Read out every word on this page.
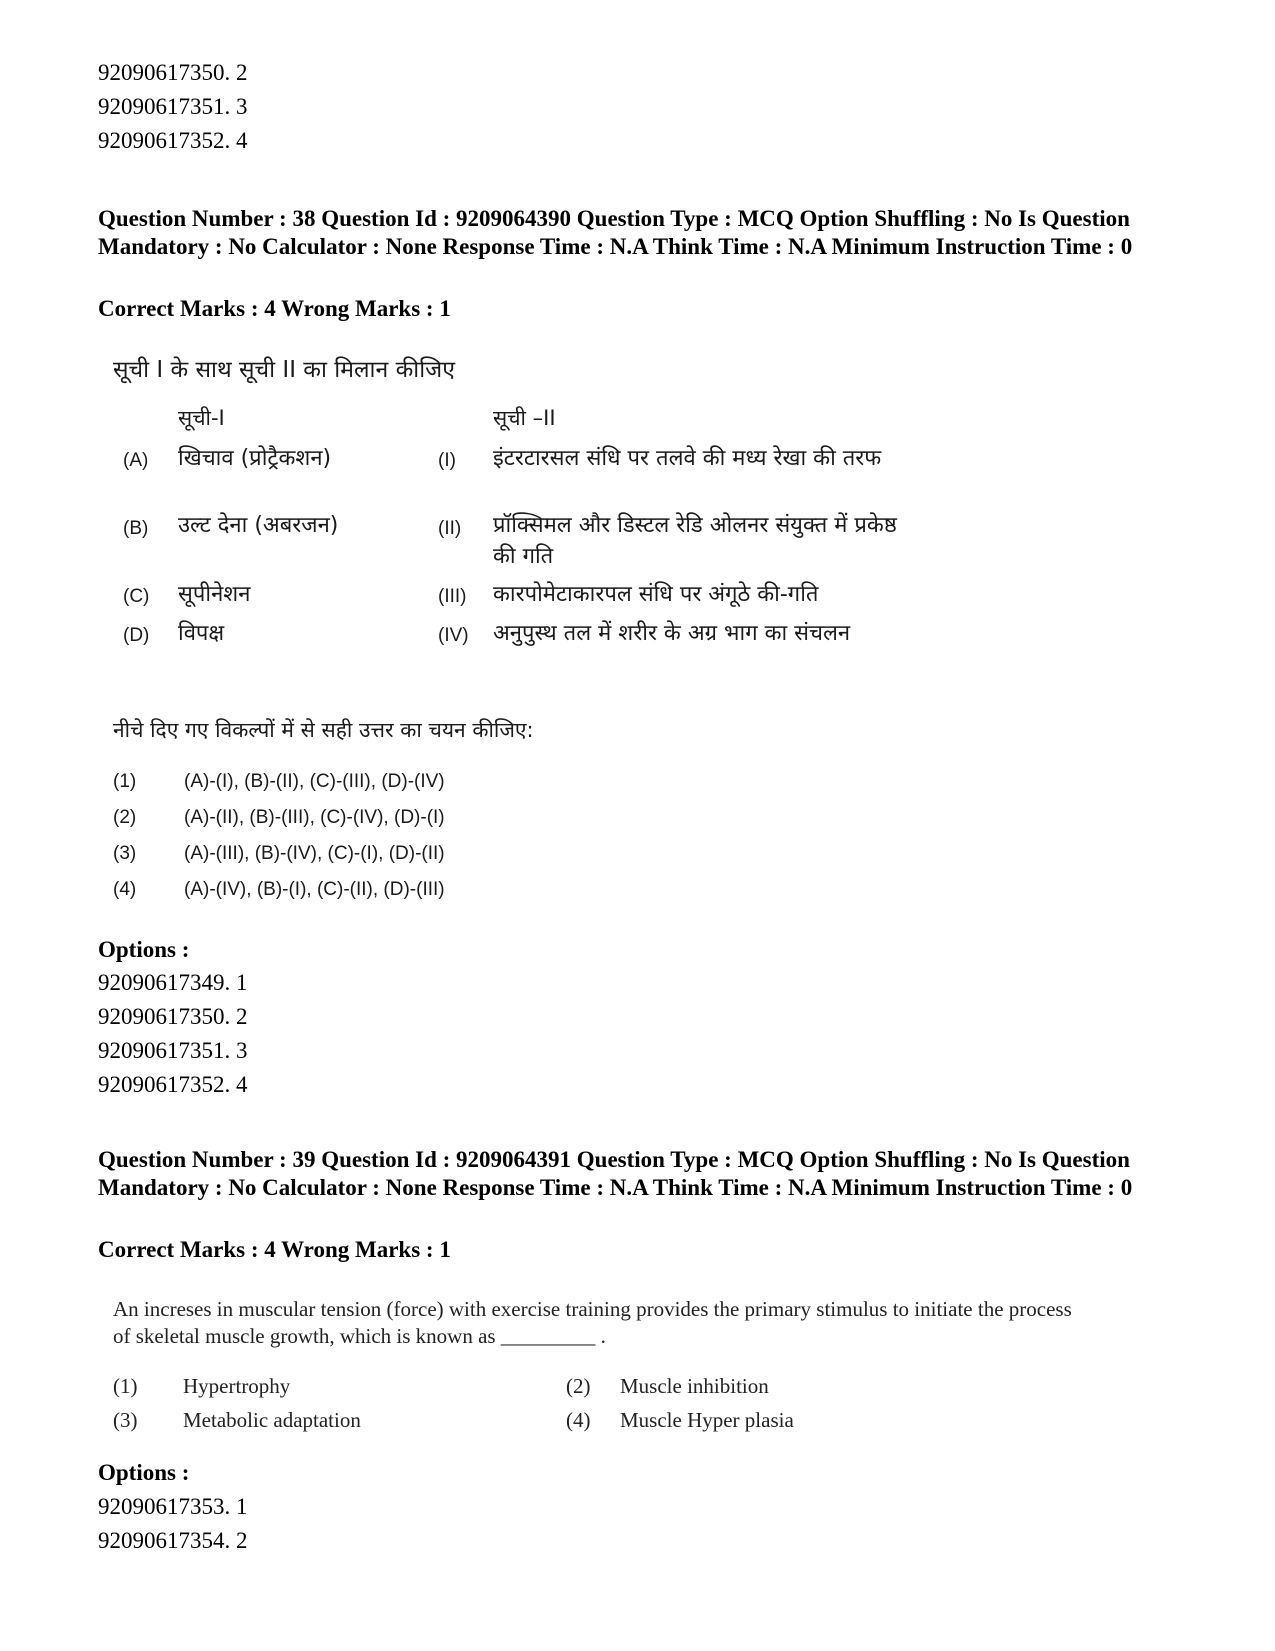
92090617350. 2
92090617351. 3
92090617352. 4
Question Number : 38 Question Id : 9209064390 Question Type : MCQ Option Shuffling : No Is Question Mandatory : No Calculator : None Response Time : N.A Think Time : N.A Minimum Instruction Time : 0
Correct Marks : 4 Wrong Marks : 1
सूची I के साथ सूची II का मिलान कीजिए
सूची-I	सूची –II
(A) खिचाव (प्रोट्रैकशन)	(I) इंटरटारसल संधि पर तलवे की मध्य रेखा की तरफ
(B) उल्ट देना (अबरजन)	(II) प्रॉक्सिमल और डिस्टल रेडि ओलनर संयुक्त में प्रकेष्ठ की गति
(C) सूपीनेशन	(III) कारपोमेटाकारपल संधि पर अंगूठे की-गति
(D) विपक्ष	(IV) अनुपुस्थ तल में शरीर के अग्र भाग का संचलन
नीचे दिए गए विकल्पों में से सही उत्तर का चयन कीजिए:
(1)	(A)-(I), (B)-(II), (C)-(III), (D)-(IV)
(2)	(A)-(II), (B)-(III), (C)-(IV), (D)-(I)
(3)	(A)-(III), (B)-(IV), (C)-(I), (D)-(II)
(4)	(A)-(IV), (B)-(I), (C)-(II), (D)-(III)
Options :
92090617349. 1
92090617350. 2
92090617351. 3
92090617352. 4
Question Number : 39 Question Id : 9209064391 Question Type : MCQ Option Shuffling : No Is Question Mandatory : No Calculator : None Response Time : N.A Think Time : N.A Minimum Instruction Time : 0
Correct Marks : 4 Wrong Marks : 1
An increses in muscular tension (force) with exercise training provides the primary stimulus to initiate the process of skeletal muscle growth, which is known as _________ .
(1) Hypertrophy	(2) Muscle inhibition
(3) Metabolic adaptation	(4) Muscle Hyper plasia
Options :
92090617353. 1
92090617354. 2
